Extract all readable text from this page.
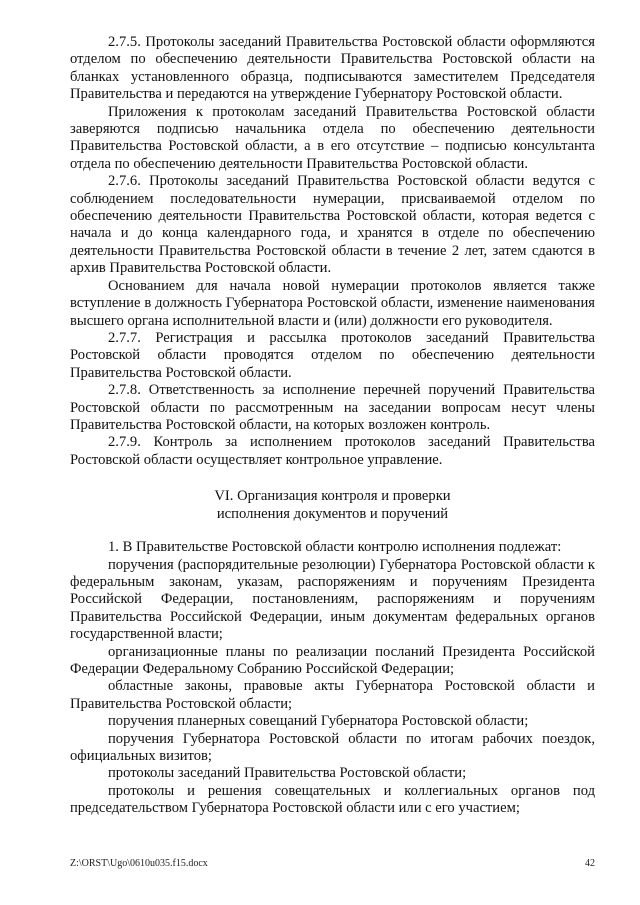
2.7.5. Протоколы заседаний Правительства Ростовской области оформляются отделом по обеспечению деятельности Правительства Ростовской области на бланках установленного образца, подписываются заместителем Председателя Правительства и передаются на утверждение Губернатору Ростовской области.

Приложения к протоколам заседаний Правительства Ростовской области заверяются подписью начальника отдела по обеспечению деятельности Правительства Ростовской области, а в его отсутствие – подписью консультанта отдела по обеспечению деятельности Правительства Ростовской области.

2.7.6. Протоколы заседаний Правительства Ростовской области ведутся с соблюдением последовательности нумерации, присваиваемой отделом по обеспечению деятельности Правительства Ростовской области, которая ведется с начала и до конца календарного года, и хранятся в отделе по обеспечению деятельности Правительства Ростовской области в течение 2 лет, затем сдаются в архив Правительства Ростовской области.

Основанием для начала новой нумерации протоколов является также вступление в должность Губернатора Ростовской области, изменение наименования высшего органа исполнительной власти и (или) должности его руководителя.

2.7.7. Регистрация и рассылка протоколов заседаний Правительства Ростовской области проводятся отделом по обеспечению деятельности Правительства Ростовской области.

2.7.8. Ответственность за исполнение перечней поручений Правительства Ростовской области по рассмотренным на заседании вопросам несут члены Правительства Ростовской области, на которых возложен контроль.

2.7.9. Контроль за исполнением протоколов заседаний Правительства Ростовской области осуществляет контрольное управление.

VI. Организация контроля и проверки
исполнения документов и поручений

1. В Правительстве Ростовской области контролю исполнения подлежат:

поручения (распорядительные резолюции) Губернатора Ростовской области к федеральным законам, указам, распоряжениям и поручениям Президента Российской Федерации, постановлениям, распоряжениям и поручениям Правительства Российской Федерации, иным документам федеральных органов государственной власти;

организационные планы по реализации посланий Президента Российской Федерации Федеральному Собранию Российской Федерации;

областные законы, правовые акты Губернатора Ростовской области и Правительства Ростовской области;

поручения планерных совещаний Губернатора Ростовской области;

поручения Губернатора Ростовской области по итогам рабочих поездок, официальных визитов;

протоколы заседаний Правительства Ростовской области;

протоколы и решения совещательных и коллегиальных органов под председательством Губернатора Ростовской области или с его участием;

Z:\ORST\Ugo\0610u035.f15.docx	42
